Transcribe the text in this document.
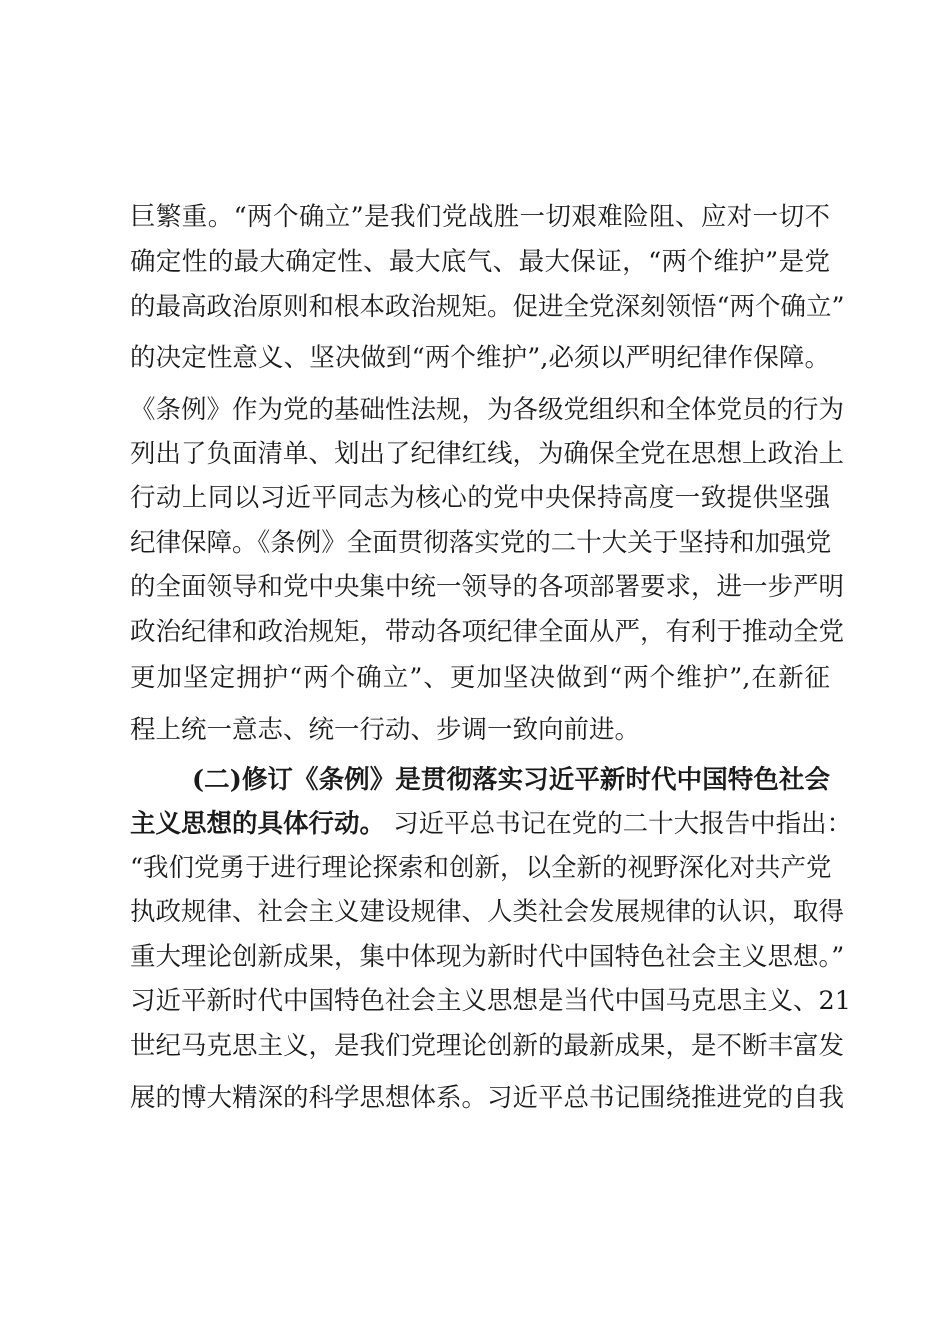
巨繁重。“两个确立”是我们党战胜一切艰难险阻、应对一切不
确定性的最大确定性、最大底气、最大保证，“两个维护”是党
的最高政治原则和根本政治规矩。促进全党深刻领悟“两个确立”
的决定性意义、坚决做到“两个维护”,必须以严明纪律作保障。
《条例》作为党的基础性法规，为各级党组织和全体党员的行为
列出了负面清单、划出了纪律红线，为确保全党在思想上政治上
行动上同以习近平同志为核心的党中央保持高度一致提供坚强
纪律保障。《条例》全面贯彻落实党的二十大关于坚持和加强党
的全面领导和党中央集中统一领导的各项部署要求，进一步严明
政治纪律和政治规矩，带动各项纪律全面从严，有利于推动全党
更加坚定拥护“两个确立”、更加坚决做到“两个维护”,在新征
程上统一意志、统一行动、步调一致向前进。
(二)修订《条例》是贯彻落实习近平新时代中国特色社会
主义思想的具体行动。 习近平总书记在党的二十大报告中指出：
“我们党勇于进行理论探索和创新，以全新的视野深化对共产党
执政规律、社会主义建设规律、人类社会发展规律的认识，取得
重大理论创新成果，集中体现为新时代中国特色社会主义思想。”
习近平新时代中国特色社会主义思想是当代中国马克思主义、21
世纪马克思主义，是我们党理论创新的最新成果，是不断丰富发
展的博大精深的科学思想体系。习近平总书记围绕推进党的自我
